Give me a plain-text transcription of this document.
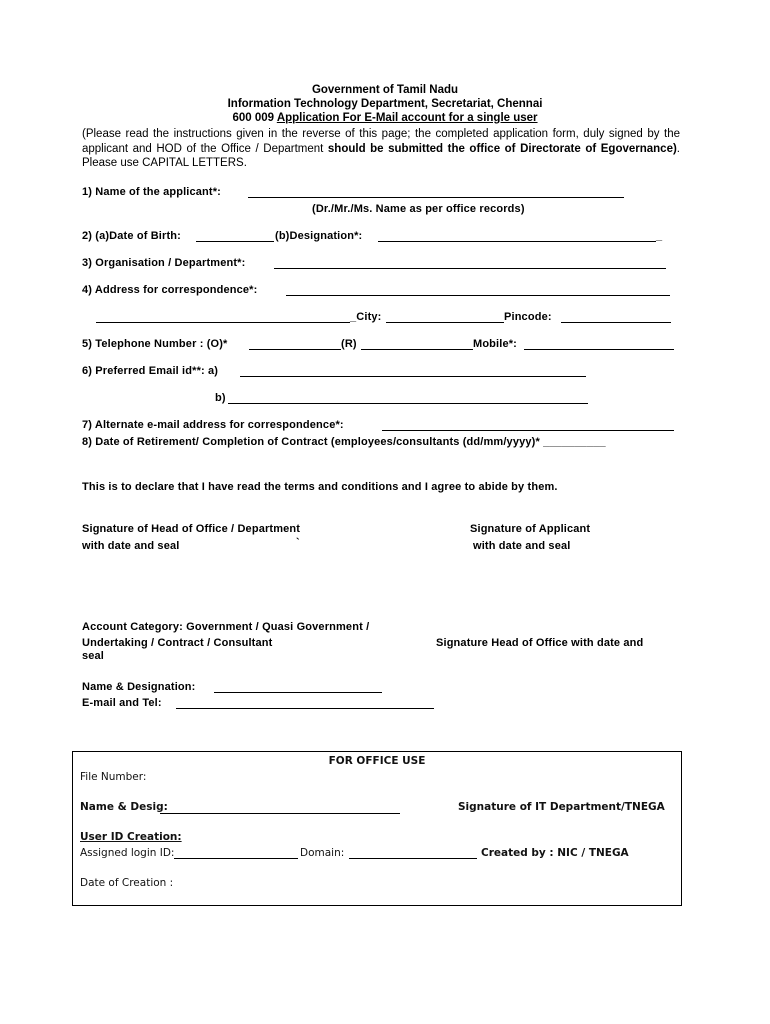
Government of Tamil Nadu
Information Technology Department, Secretariat, Chennai
600 009 Application For E-Mail account for a single user
(Please read the instructions given in the reverse of this page; the completed application form, duly signed by the applicant and HOD of the Office / Department should be submitted the office of Directorate of Egovernance). Please use CAPITAL LETTERS.
1) Name of the applicant*:
(Dr./Mr./Ms. Name as per office records)
2) (a)Date of Birth:	(b)Designation*:	_
3) Organisation / Department*:
4) Address for correspondence*:
_City:	Pincode:
5) Telephone Number : (O)*	(R)	Mobile*:
6) Preferred Email id**: a)
b)
7) Alternate e-mail address for correspondence*:
8) Date of Retirement/ Completion of Contract (employees/consultants (dd/mm/yyyy)* __________
This is to declare that I have read the terms and conditions and I agree to abide by them.
Signature of Head of Office / Department
with date and seal	`
Signature of Applicant
with date and seal
Account Category: Government / Quasi Government /
Undertaking / Contract / Consultant
seal
Signature Head of Office with date and
Name & Designation:
E-mail and Tel:
FOR OFFICE USE
File Number:
Name & Desig:	Signature of IT Department/TNEGA
User ID Creation:
Assigned login ID:	Domain:	Created by : NIC / TNEGA
Date of Creation :
